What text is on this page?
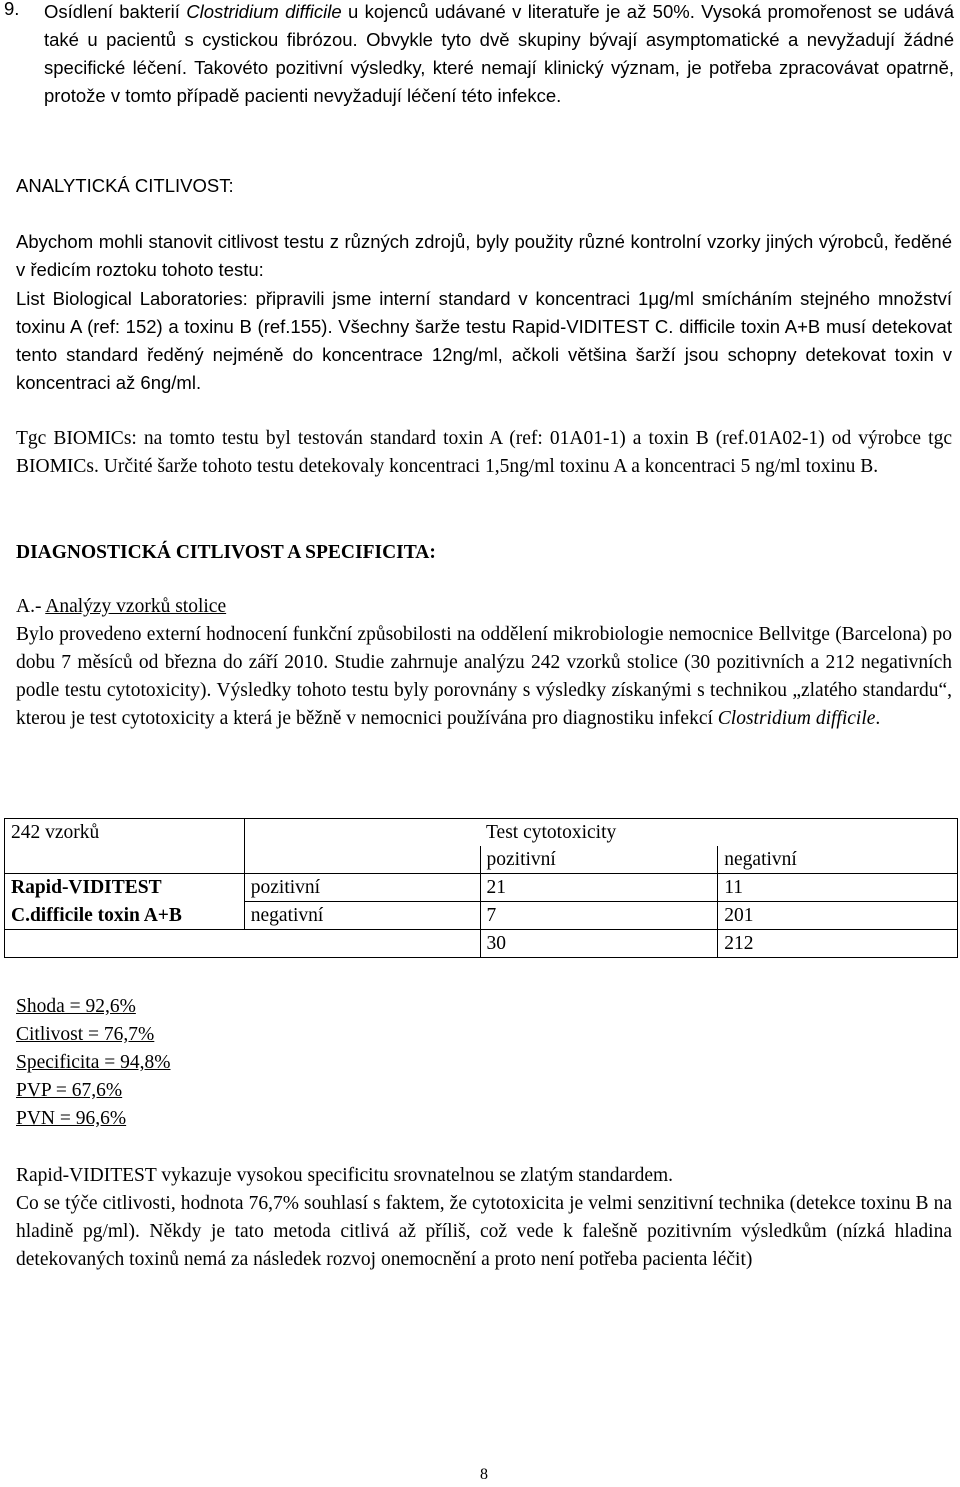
9.	Osídlení bakterií Clostridium difficile u kojenců udávané v literatuře je až 50%. Vysoká promořenost se udává také u pacientů s cystickou fibrózou. Obvykle tyto dvě skupiny bývají asymptomatické a nevyžadují žádné specifické léčení. Takovéto pozitivní výsledky, které nemají klinický význam, je potřeba zpracovávat opatrně, protože v tomto případě pacienti nevyžadují léčení této infekce.

ANALYTICKÁ CITLIVOST:

Abychom mohli stanovit citlivost testu z různých zdrojů, byly použity různé kontrolní vzorky jiných výrobců, ředěné v ředicím roztoku tohoto testu:

List Biological Laboratories: připravili jsme interní standard v koncentraci 1μg/ml smícháním stejného množství toxinu A (ref: 152) a toxinu B (ref.155). Všechny šarže testu Rapid-VIDITEST C. difficile toxin A+B musí detekovat tento standard ředěný nejméně do koncentrace 12ng/ml, ačkoli většina šarží jsou schopny detekovat toxin v koncentraci až 6ng/ml.

Tgc BIOMICs: na tomto testu byl testován standard toxin A (ref: 01A01-1) a toxin B (ref.01A02-1) od výrobce tgc BIOMICs. Určité šarže tohoto testu detekovaly koncentraci 1,5ng/ml toxinu A a koncentraci 5 ng/ml toxinu B.

DIAGNOSTICKÁ CITLIVOST A SPECIFICITA:

A.- Analýzy vzorků stolice

Bylo provedeno externí hodnocení funkční způsobilosti na oddělení mikrobiologie nemocnice Bellvitge (Barcelona) po dobu 7 měsíců od března do září 2010. Studie zahrnuje analýzu 242 vzorků stolice (30 pozitivních a 212 negativních podle testu cytotoxicity). Výsledky tohoto testu byly porovnány s výsledky získanými s technikou „zlatého standardu“, kterou je test cytotoxicity a která je běžně v nemocnici používána pro diagnostiku infekcí Clostridium difficile.

242 vzorků		Test cytotoxicity	
		pozitivní	negativní
Rapid-VIDITEST	pozitivní	21	11
C.difficile toxin A+B	negativní	7	201
		30	212
Shoda = 92,6%
Citlivost = 76,7%
Specificita = 94,8%
PVP = 67,6%
PVN = 96,6%

Rapid-VIDITEST vykazuje vysokou specificitu srovnatelnou se zlatým standardem.

Co se týče citlivosti, hodnota 76,7% souhlasí s faktem, že cytotoxicita je velmi senzitivní technika (detekce toxinu B na hladině pg/ml). Někdy je tato metoda citlivá až příliš, což vede k falešně pozitivním výsledkům (nízká hladina detekovaných toxinů nemá za následek rozvoj onemocnění a proto není potřeba pacienta léčit)

8
